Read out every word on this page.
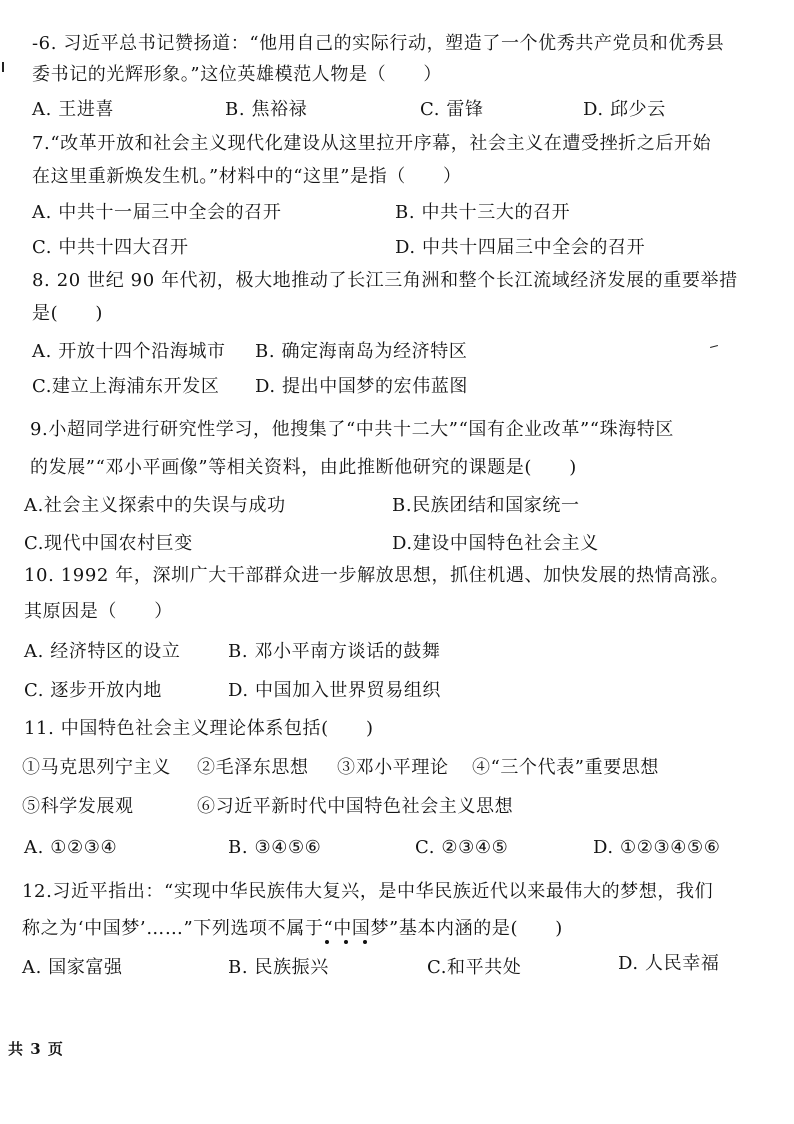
-6. 习近平总书记赞扬道：“他用自己的实际行动，塑造了一个优秀共产党员和优秀县
委书记的光辉形象。”这位英雄模范人物是（　　）
A. 王进喜	B. 焦裕禄	C. 雷锋	D. 邱少云
7.“改革开放和社会主义现代化建设从这里拉开序幕，社会主义在遭受挫折之后开始
在这里重新焕发生机。”材料中的“这里”是指（　　）
A. 中共十一届三中全会的召开	B. 中共十三大的召开
C. 中共十四大召开	D. 中共十四届三中全会的召开
8. 20 世纪 90 年代初，极大地推动了长江三角洲和整个长江流域经济发展的重要举措
是(　　)
A. 开放十四个沿海城市 B. 确定海南岛为经济特区
C.建立上海浦东开发区 D. 提出中国梦的宏伟蓝图
9.小超同学进行研究性学习，他搜集了“中共十二大”“国有企业改革”“珠海特区
的发展”“邓小平画像”等相关资料，由此推断他研究的课题是(　　)
A.社会主义探索中的失误与成功	B.民族团结和国家统一
C.现代中国农村巨变	D.建设中国特色社会主义
10. 1992 年，深圳广大干部群众进一步解放思想，抓住机遇、加快发展的热情高涨。
其原因是（　　）
A. 经济特区的设立	B. 邓小平南方谈话的鼓舞
C. 逐步开放内地	D. 中国加入世界贸易组织
11. 中国特色社会主义理论体系包括(　　)
①马克思列宁主义 ②毛泽东思想 ③邓小平理论 ④“三个代表”重要思想
⑤科学发展观	⑥习近平新时代中国特色社会主义思想
A. ①②③④	B. ③④⑤⑥	C. ②③④⑤	D. ①②③④⑤⑥
12.习近平指出：“实现中华民族伟大复兴，是中华民族近代以来最伟大的梦想，我们
称之为‘中国梦’……”下列选项不属于“中国梦”基本内涵的是(　　)
A. 国家富强	B. 民族振兴	C.和平共处	D. 人民幸福
共 3 页
